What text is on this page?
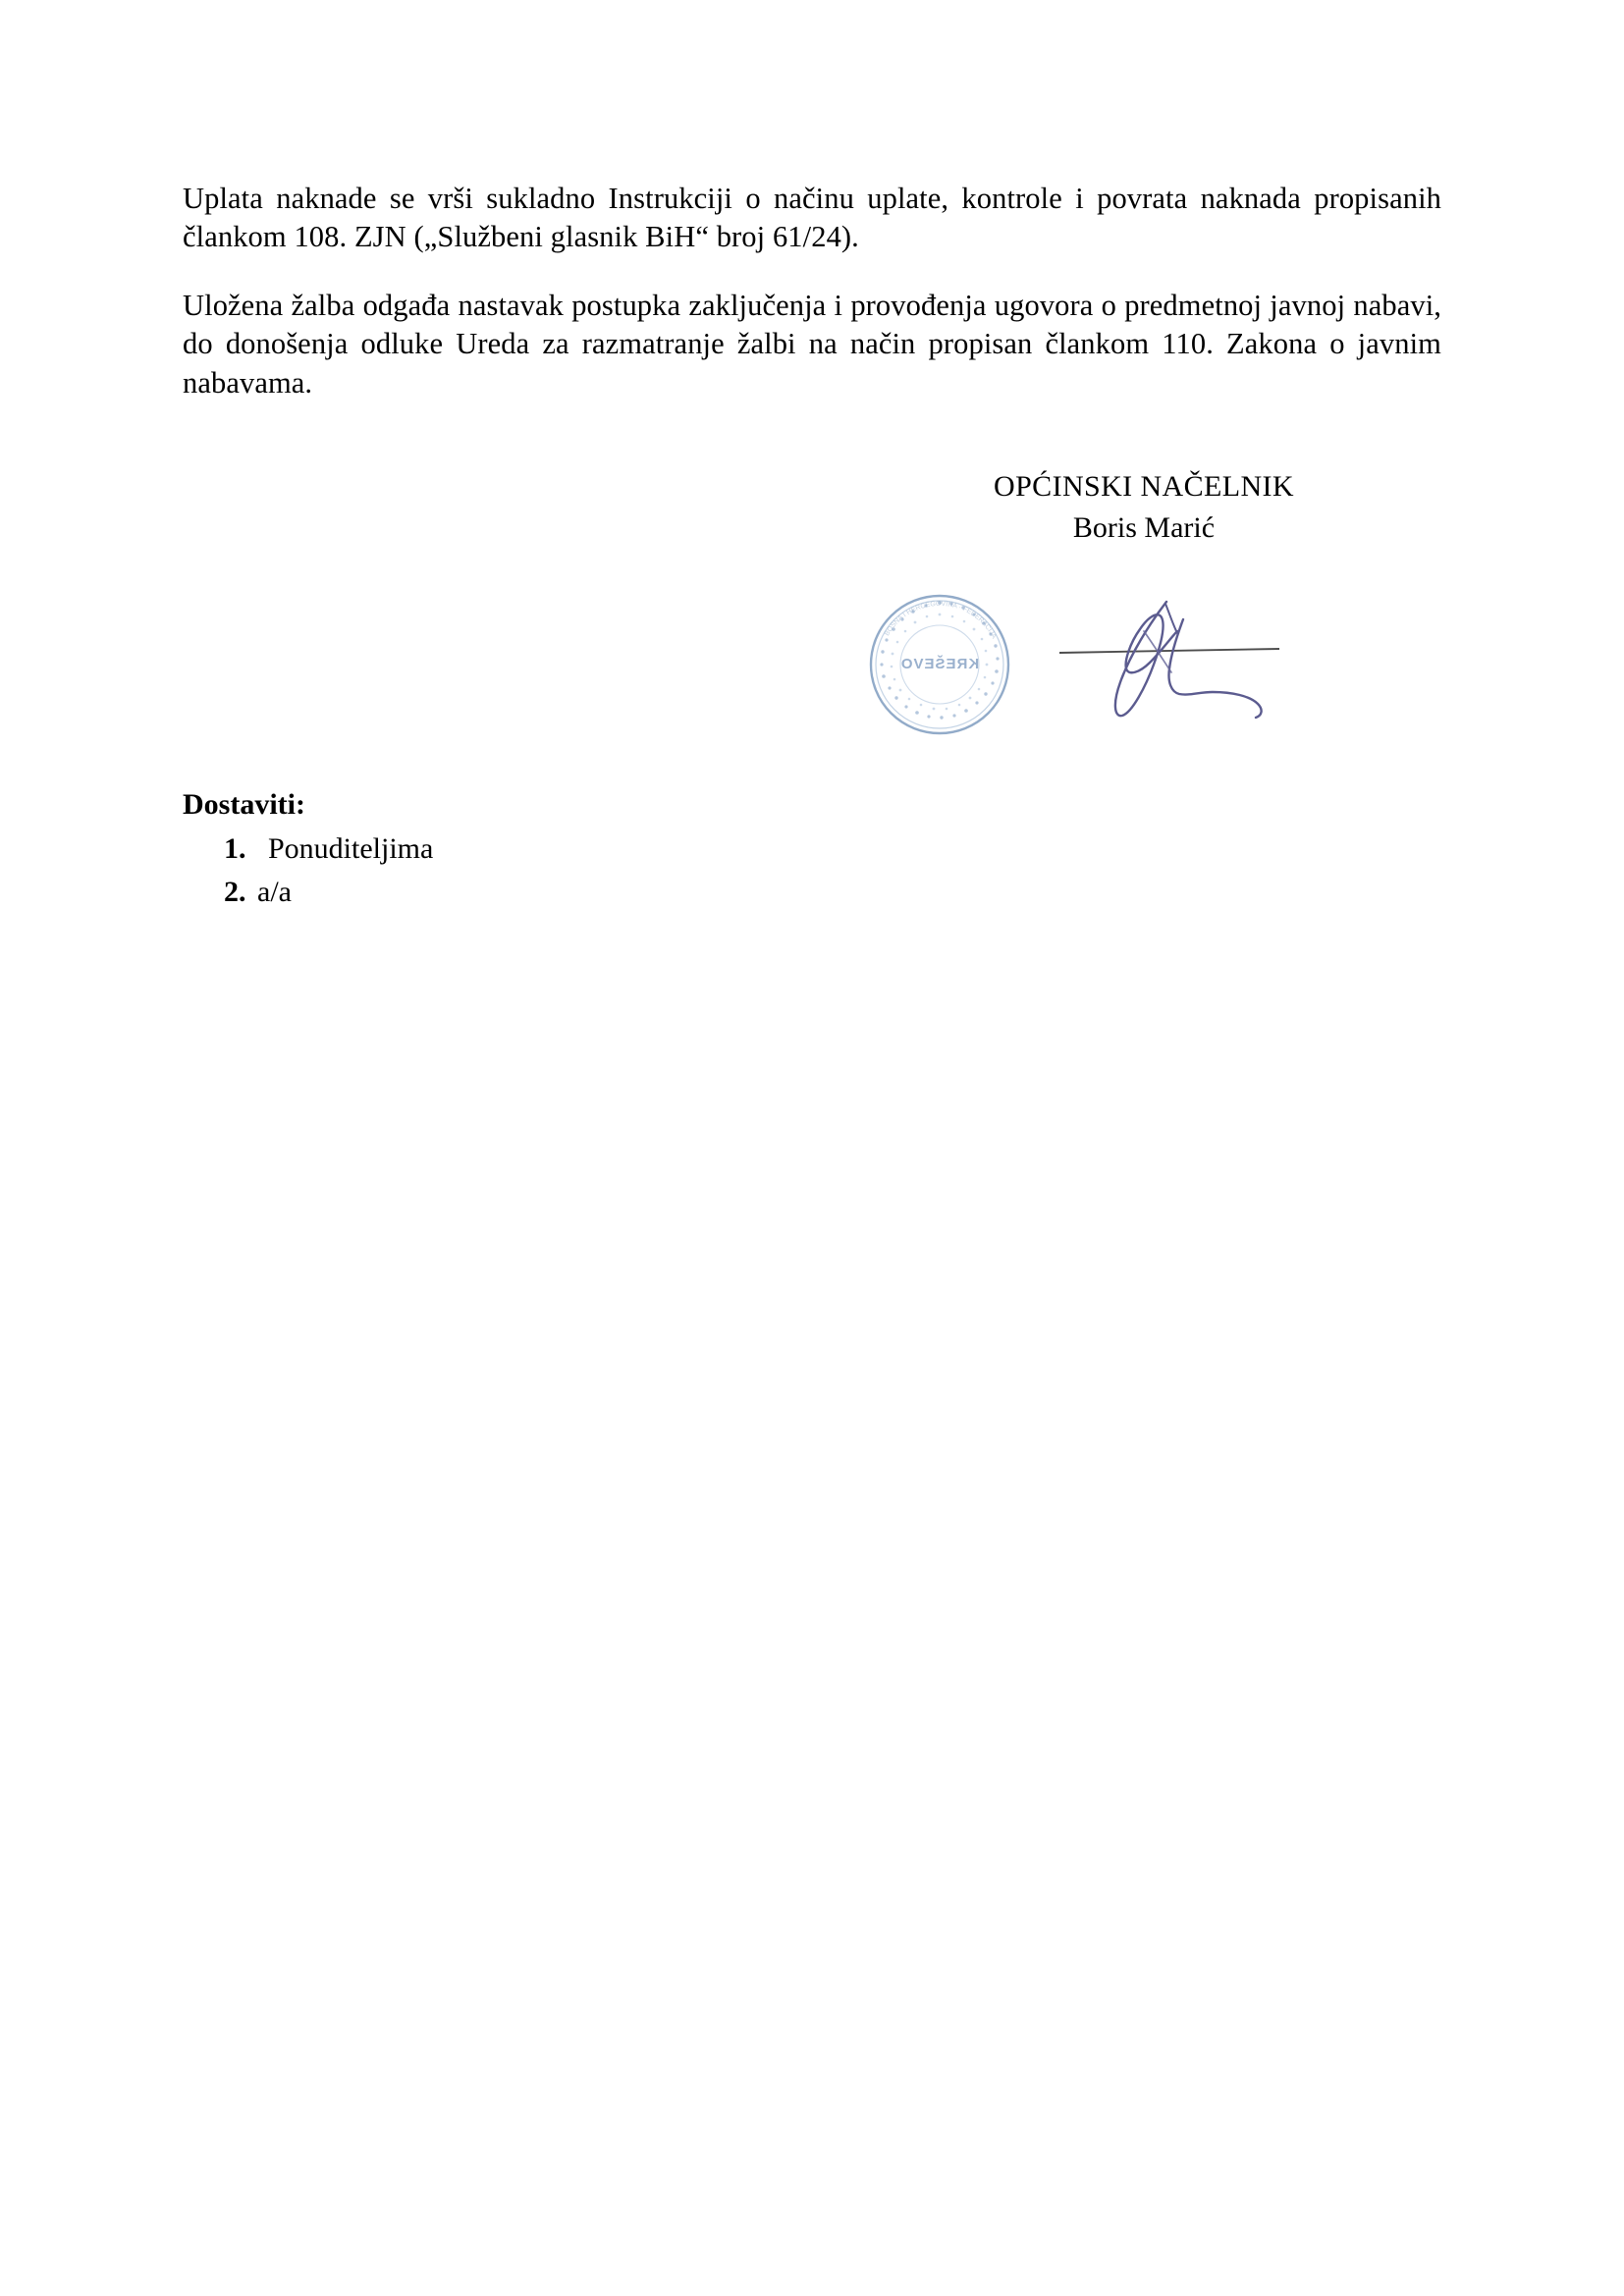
Uplata naknade se vrši sukladno Instrukciji o načinu uplate, kontrole i povrata naknada propisanih člankom 108. ZJN („Službeni glasnik BiH“ broj 61/24).

Uložena žalba odgađa nastavak postupka zaključenja i provođenja ugovora o predmetnoj javnoj nabavi, do donošenja odluke Ureda za razmatranje žalbi na način propisan člankom 110. Zakona o javnim nabavama.

OPĆINSKI NAČELNIK
Boris Marić
BOSNA I HERCEGOVINA · FEDERACIJA
KREŠEVO
Dostaviti:
1. Ponuditeljima
2. a/a
